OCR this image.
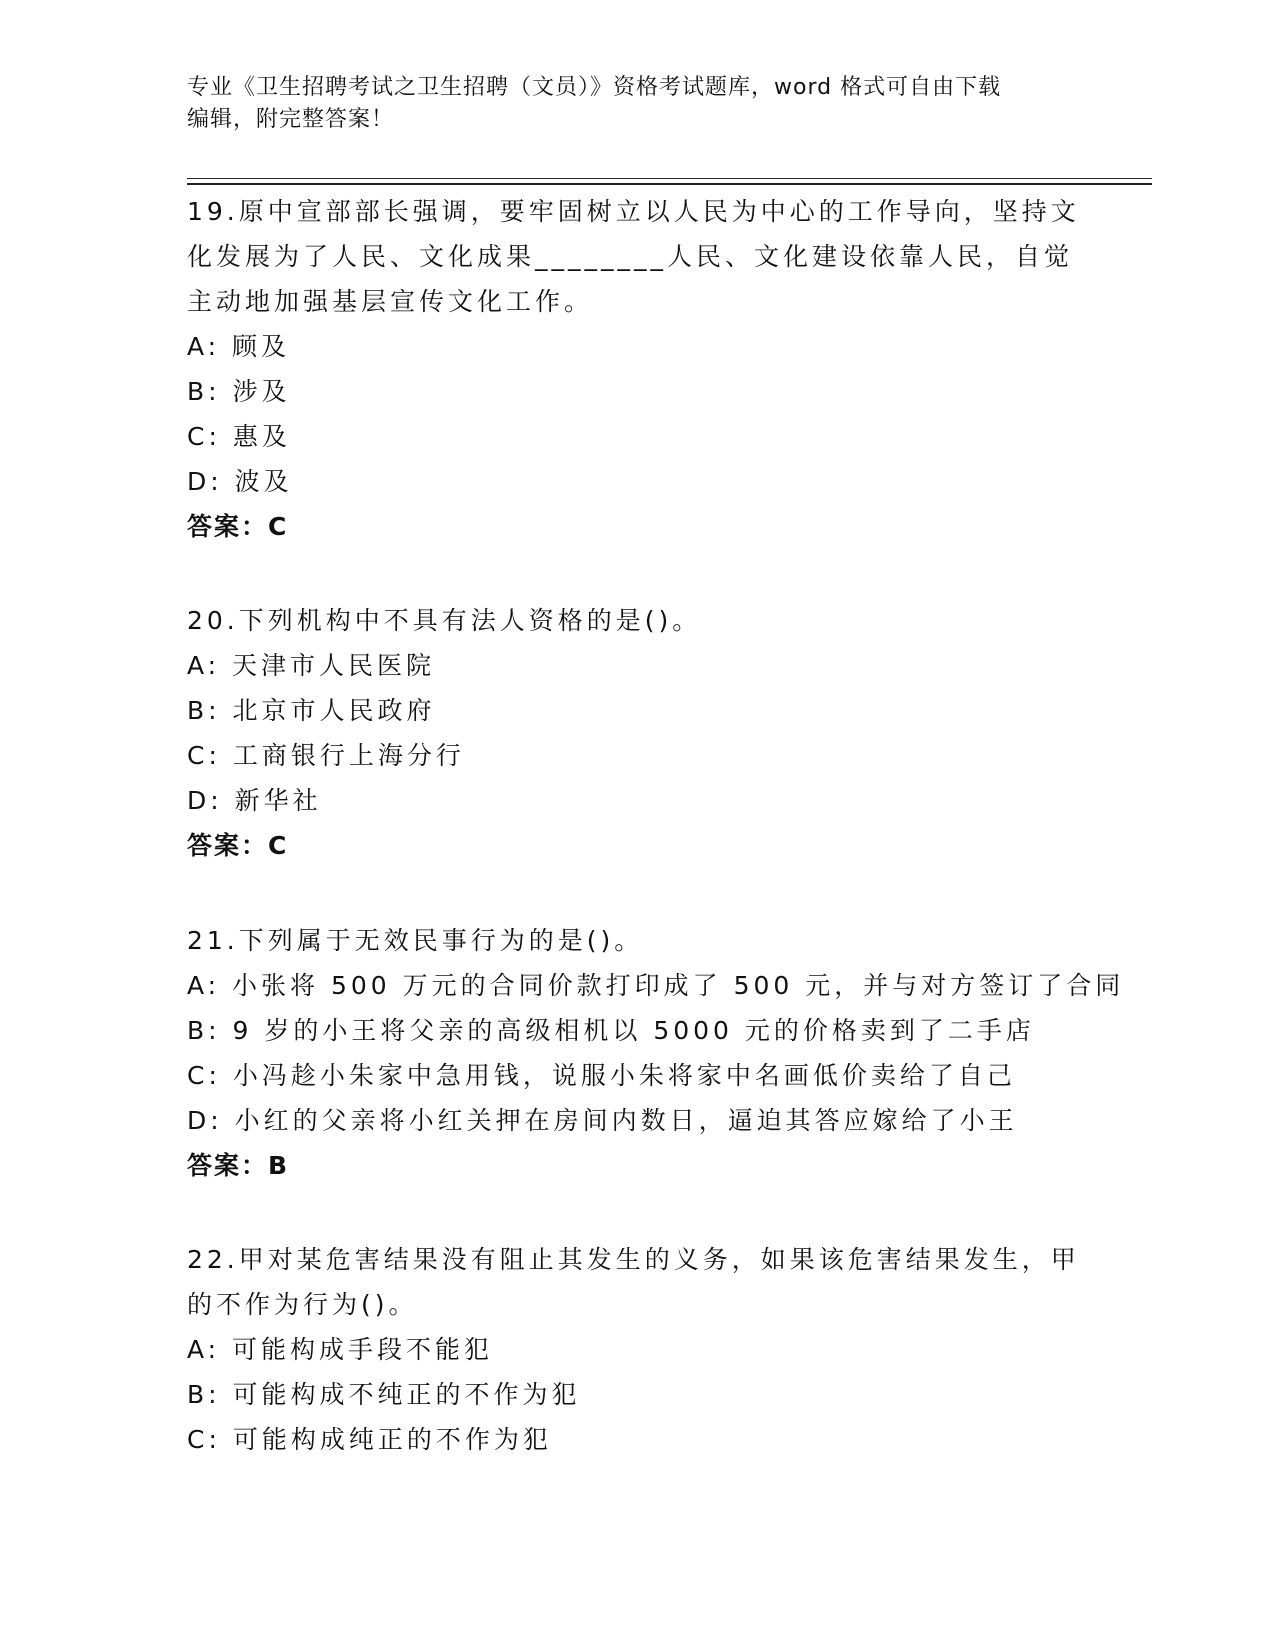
专业《卫生招聘考试之卫生招聘（文员）》资格考试题库，word 格式可自由下载
编辑，附完整答案！
19.原中宣部部长强调，要牢固树立以人民为中心的工作导向，坚持文
化发展为了人民、文化成果________人民、文化建设依靠人民，自觉
主动地加强基层宣传文化工作。
A: 顾及
B: 涉及
C: 惠及
D: 波及
答案：C
20.下列机构中不具有法人资格的是()。
A: 天津市人民医院
B: 北京市人民政府
C: 工商银行上海分行
D: 新华社
答案：C
21.下列属于无效民事行为的是()。
A: 小张将 500 万元的合同价款打印成了 500 元，并与对方签订了合同
B: 9 岁的小王将父亲的高级相机以 5000 元的价格卖到了二手店
C: 小冯趁小朱家中急用钱，说服小朱将家中名画低价卖给了自己
D: 小红的父亲将小红关押在房间内数日，逼迫其答应嫁给了小王
答案：B
22.甲对某危害结果没有阻止其发生的义务，如果该危害结果发生，甲
的不作为行为()。
A: 可能构成手段不能犯
B: 可能构成不纯正的不作为犯
C: 可能构成纯正的不作为犯
